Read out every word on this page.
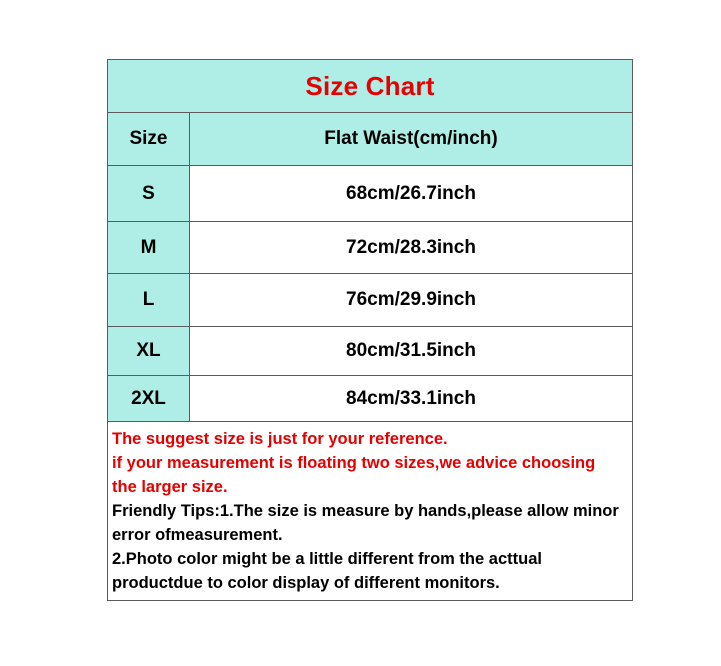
Size Chart
Size	Flat Waist(cm/inch)
S	68cm/26.7inch
M	72cm/28.3inch
L	76cm/29.9inch
XL	80cm/31.5inch
2XL	84cm/33.1inch
The suggest size is just for your reference.
if your measurement is floating two sizes,we advice choosing
the larger size.
Friendly Tips:1.The size is measure by hands,please allow minor
error ofmeasurement.
2.Photo color might be a little different from the acttual
productdue to color display of different monitors.
